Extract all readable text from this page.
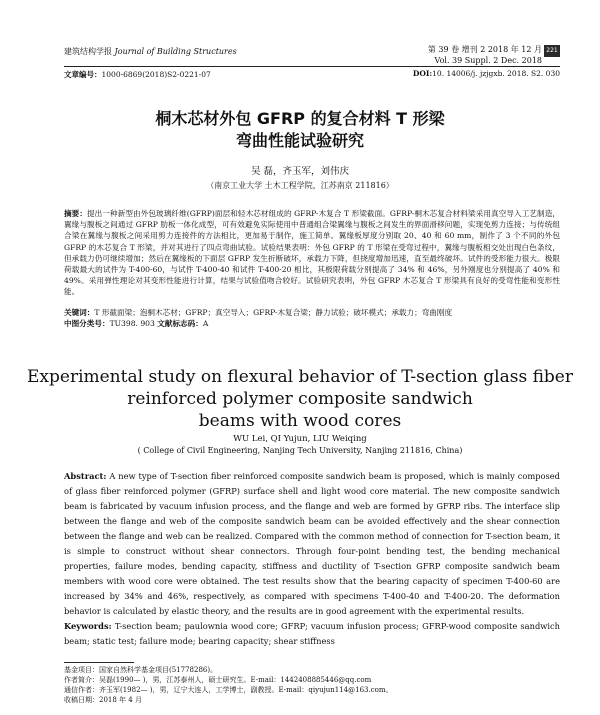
建筑结构学报 Journal of Building Structures	第 39 卷 增刊 2 2018 年 12 月
Vol. 39 Suppl. 2 Dec. 2018
221
文章编号：1000-6869(2018)S2-0221-07	DOI:10. 14006/j. jzjgxb. 2018. S2. 030
桐木芯材外包 GFRP 的复合材料 T 形梁
弯曲性能试验研究
吴 磊，齐玉军，刘伟庆
（南京工业大学 土木工程学院，江苏南京 211816）
摘要：提出一种新型由外包玻璃纤维(GFRP)面层和轻木芯材组成的 GFRP-木复合 T 形梁截面。GFRP-桐木芯复合材料梁采用真空导入工艺制造，翼缘与腹板之间通过 GFRP 肋板一体化成型，可有效避免实际使用中普通组合梁翼缘与腹板之间发生的界面滑移问题，实现免剪力连接；与传统组合梁在翼缘与腹板之间采用剪力连接件的方法相比，更加易于制作，施工简单。翼缘板厚度分别取 20、40 和 60 mm，制作了 3 个不同的外包 GFRP 的木芯复合 T 形梁，并对其进行了四点弯曲试验。试验结果表明：外包 GFRP 的 T 形梁在受弯过程中，翼缘与腹板相交处出现白色条纹，但承载力仍可继续增加；然后在翼缘板的下面层 GFRP 发生折断破坏，承载力下降，但挠度增加迅速，直至最终破坏。试件的受形能力很大。极限荷载最大的试件为 T-400-60，与试件 T-400-40 和试件 T-400-20 相比，其极限荷载分别提高了 34% 和 46%，另外刚度也分别提高了 40% 和 49%。采用弹性理论对其变形性能进行计算，结果与试验值吻合较好。试验研究表明，外包 GFRP 木芯复合 T 形梁具有良好的受弯性能和变形性能。
关键词：T 形截面梁；泡桐木芯材；GFRP；真空导入；GFRP-木复合梁；静力试验；破坏模式；承载力；弯曲刚度
中图分类号：TU398. 903 文献标志码：A
Experimental study on flexural behavior of T-section glass fiber
reinforced polymer composite sandwich
beams with wood cores
WU Lei, QI Yujun, LIU Weiqing
( College of Civil Engineering, Nanjing Tech University, Nanjing 211816, China)
Abstract: A new type of T-section fiber reinforced composite sandwich beam is proposed, which is mainly composed of glass fiber reinforced polymer (GFRP) surface shell and light wood core material. The new composite sandwich beam is fabricated by vacuum infusion process, and the flange and web are formed by GFRP ribs. The interface slip between the flange and web of the composite sandwich beam can be avoided effectively and the shear connection between the flange and web can be realized. Compared with the common method of connection for T-section beam, it is simple to construct without shear connectors. Through four-point bending test, the bending mechanical properties, failure modes, bending capacity, stiffness and ductility of T-section GFRP composite sandwich beam members with wood core were obtained. The test results show that the bearing capacity of specimen T-400-60 are increased by 34% and 46%, respectively, as compared with specimens T-400-40 and T-400-20. The deformation behavior is calculated by elastic theory, and the results are in good agreement with the experimental results.
Keywords: T-section beam; paulownia wood core; GFRP; vacuum infusion process; GFRP-wood composite sandwich beam; static test; failure mode; bearing capacity; shear stiffness
基金项目：国家自然科学基金项目(51778286)。
作者简介：吴磊(1990— )，男，江苏泰州人，硕士研究生。E-mail：1442408885446@qq.com
通信作者：齐玉军(1982— )，男，辽宁大连人，工学博士，副教授。E-mail：qiyujun114@163.com。
收稿日期：2018 年 4 月
